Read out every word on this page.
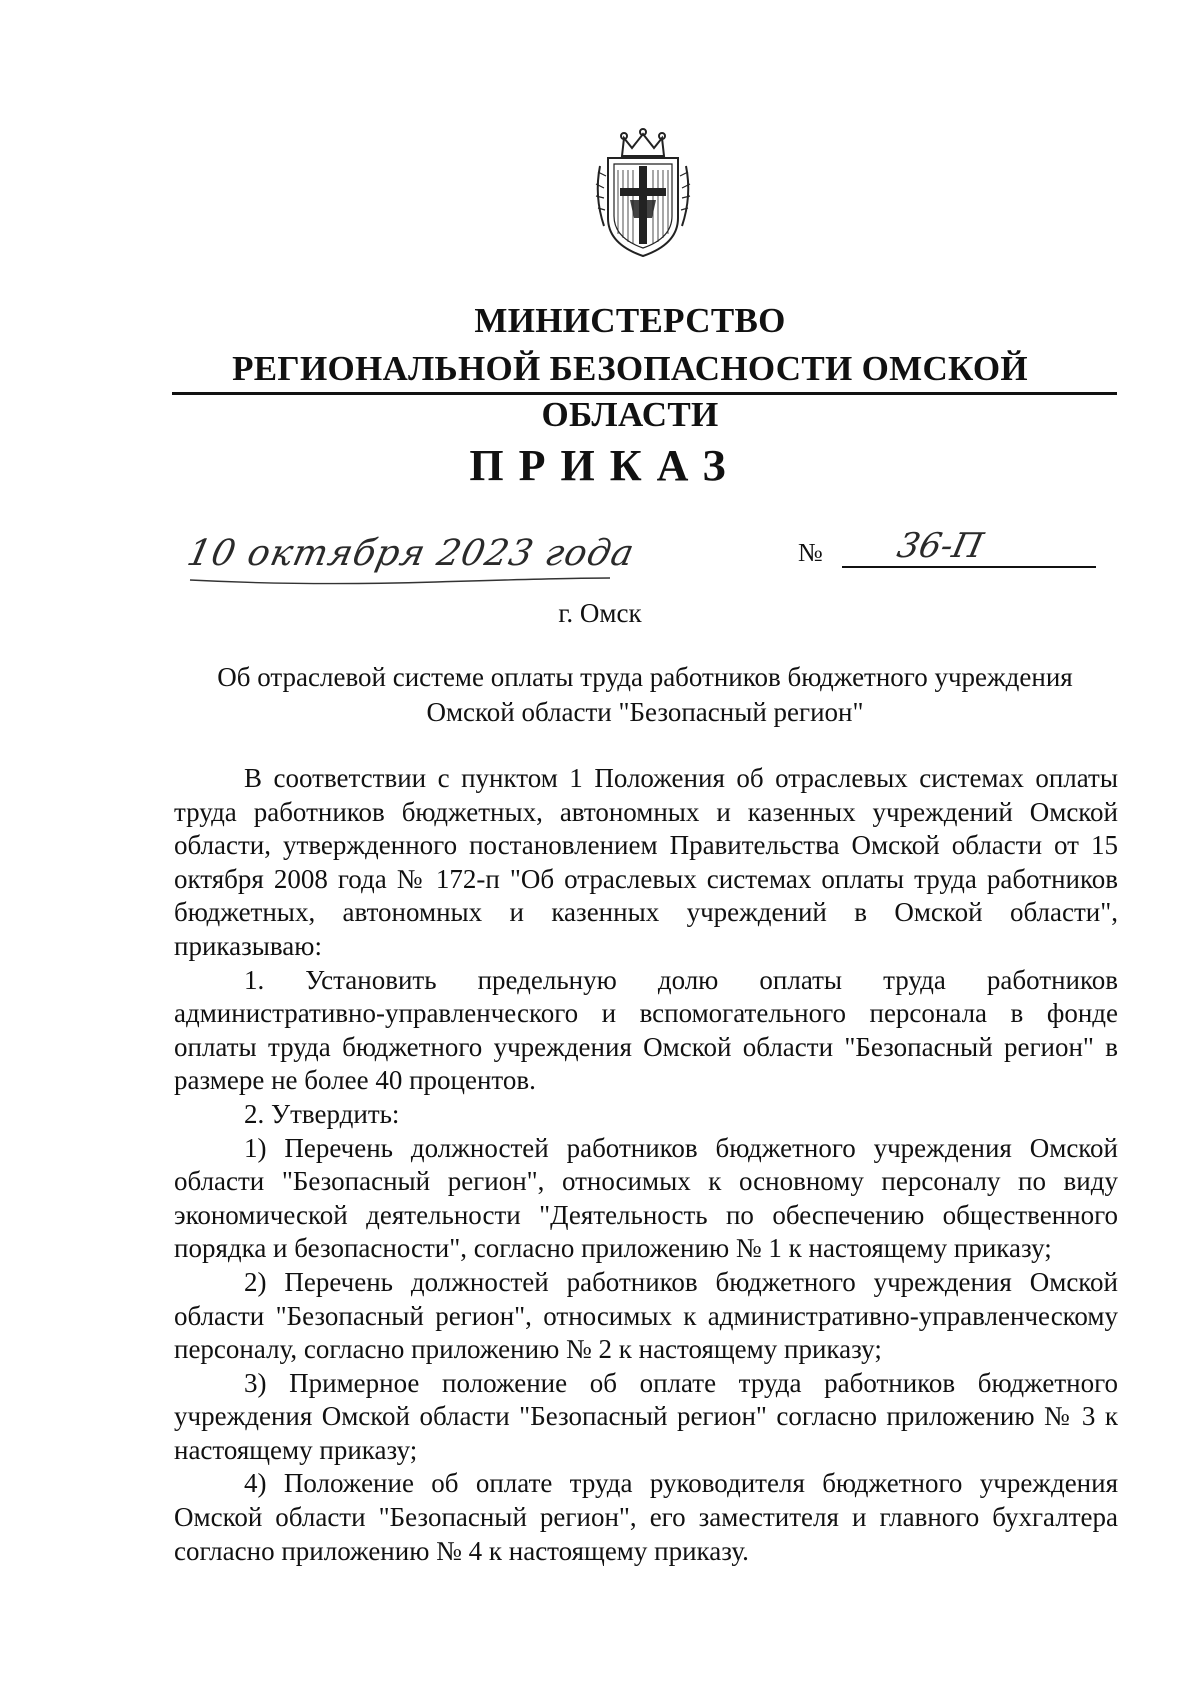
МИНИСТЕРСТВО
РЕГИОНАЛЬНОЙ БЕЗОПАСНОСТИ ОМСКОЙ ОБЛАСТИ
ПРИКАЗ
10 октября 2023 года	№ 36-П
г. Омск
Об отраслевой системе оплаты труда работников бюджетного учреждения
Омской области "Безопасный регион"

В соответствии с пунктом 1 Положения об отраслевых системах оплаты труда работников бюджетных, автономных и казенных учреждений Омской области, утвержденного постановлением Правительства Омской области от 15 октября 2008 года № 172-п "Об отраслевых системах оплаты труда работников бюджетных, автономных и казенных учреждений в Омской области", приказываю:

1. Установить предельную долю оплаты труда работников административно-управленческого и вспомогательного персонала в фонде оплаты труда бюджетного учреждения Омской области "Безопасный регион" в размере не более 40 процентов.

2. Утвердить:

1) Перечень должностей работников бюджетного учреждения Омской области "Безопасный регион", относимых к основному персоналу по виду экономической деятельности "Деятельность по обеспечению общественного порядка и безопасности", согласно приложению № 1 к настоящему приказу;

2) Перечень должностей работников бюджетного учреждения Омской области "Безопасный регион", относимых к административно-управленческому персоналу, согласно приложению № 2 к настоящему приказу;

3) Примерное положение об оплате труда работников бюджетного учреждения Омской области "Безопасный регион" согласно приложению № 3 к настоящему приказу;

4) Положение об оплате труда руководителя бюджетного учреждения Омской области "Безопасный регион", его заместителя и главного бухгалтера согласно приложению № 4 к настоящему приказу.
